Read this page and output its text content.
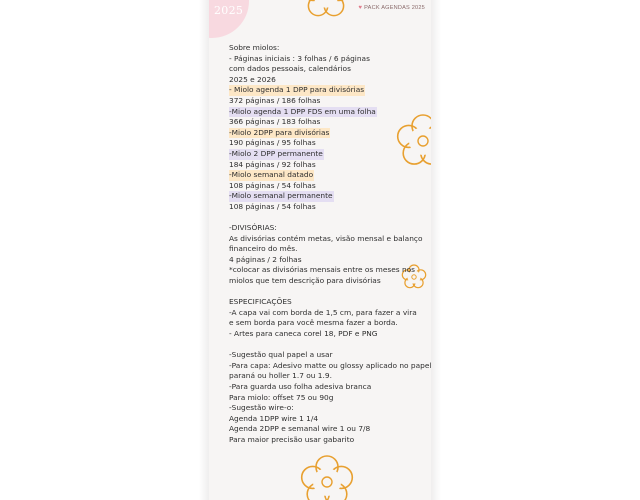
2025	♥ PACK AGENDAS 2025
Sobre miolos:
- Páginas iniciais : 3 folhas / 6 páginas
com dados pessoais, calendários
2025 e 2026
- Miolo agenda 1 DPP para divisórias
372 páginas / 186 folhas
-Miolo agenda 1 DPP FDS em uma folha
366 páginas / 183 folhas
-Miolo 2DPP para divisórias
190 páginas / 95 folhas
-Miolo 2 DPP permanente
184 páginas / 92 folhas
-Miolo semanal datado
108 páginas / 54 folhas
-Miolo semanal permanente
108 páginas / 54 folhas
-DIVISÓRIAS:
As divisórias contém metas, visão mensal e balanço
financeiro do mês.
4 páginas / 2 folhas
*colocar as divisórias mensais entre os meses nos
miolos que tem descrição para divisórias
ESPECIFICAÇÕES
-A capa vai com borda de 1,5 cm, para fazer a vira
e sem borda para você mesma fazer a borda.
- Artes para caneca corel 18, PDF e PNG
-Sugestão qual papel a usar
-Para capa: Adesivo matte ou glossy aplicado no papel
paraná ou holler 1.7 ou 1.9.
-Para guarda uso folha adesiva branca
Para miolo: offset 75 ou 90g
-Sugestão wire-o:
Agenda 1DPP wire 1 1/4
Agenda 2DPP e semanal wire 1 ou 7/8
Para maior precisão usar gabarito
